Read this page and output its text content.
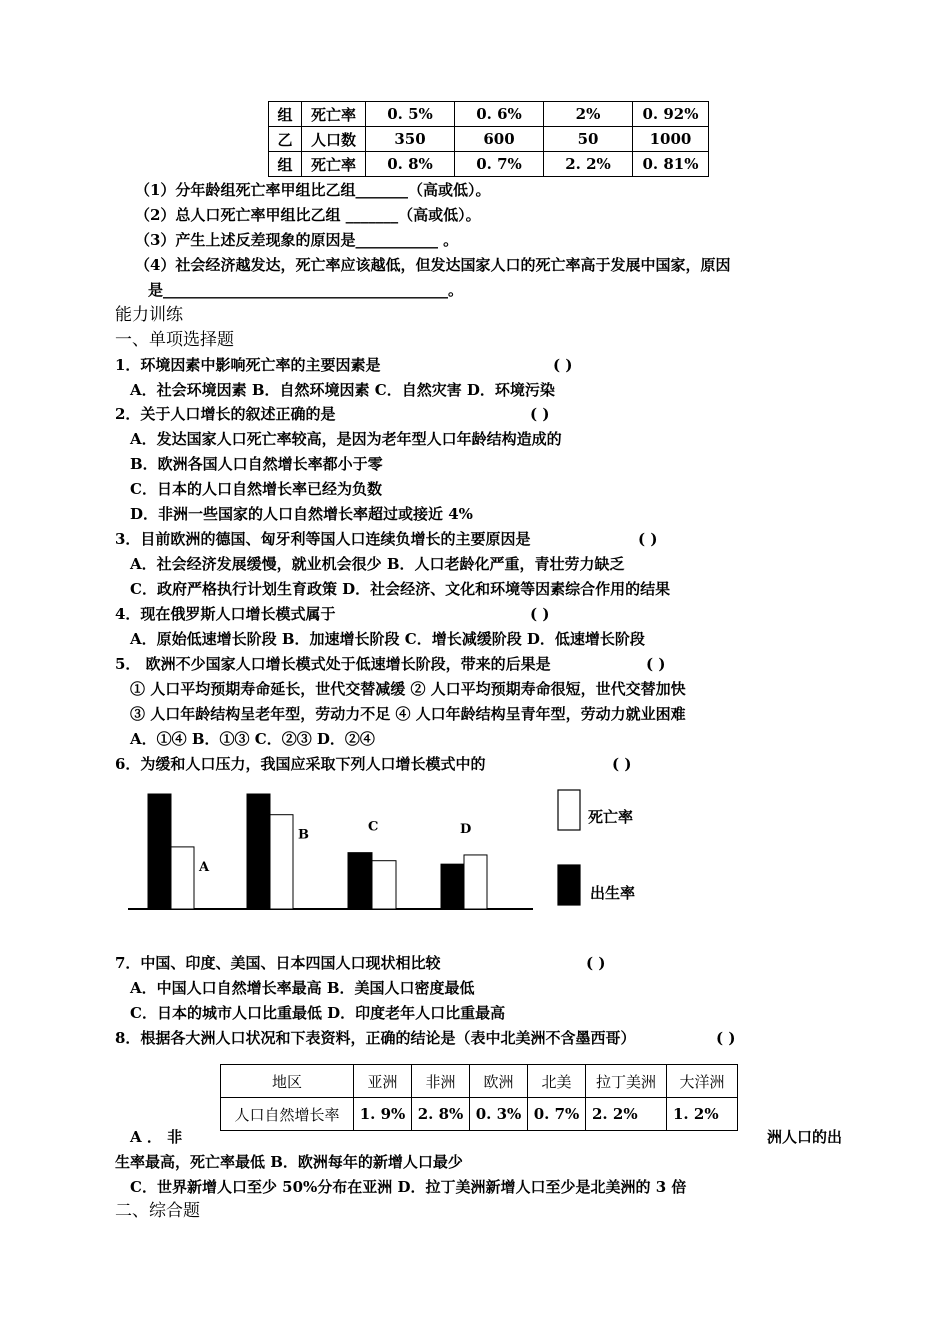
组	死亡率	0. 5%	0. 6%	2%	0. 92%
乙	人口数	350	600	50	1000
组	死亡率	0. 8%	0. 7%	2. 2%	0. 81%
（1）分年龄组死亡率甲组比乙组_______（高或低）。
（2）总人口死亡率甲组比乙组 _______（高或低）。
（3）产生上述反差现象的原因是___________ 。
（4）社会经济越发达，死亡率应该越低，但发达国家人口的死亡率高于发展中国家，原因
是______________________________________。
能力训练
一、单项选择题
1．环境因素中影响死亡率的主要因素是	( )
A．社会环境因素 B．自然环境因素 C．自然灾害 D．环境污染
2．关于人口增长的叙述正确的是	( )
A．发达国家人口死亡率较高，是因为老年型人口年龄结构造成的
B．欧洲各国人口自然增长率都小于零
C．日本的人口自然增长率已经为负数
D．非洲一些国家的人口自然增长率超过或接近 4%
3．目前欧洲的德国、匈牙利等国人口连续负增长的主要原因是	( )
A．社会经济发展缓慢，就业机会很少 B．人口老龄化严重，青壮劳力缺乏
C．政府严格执行计划生育政策 D．社会经济、文化和环境等因素综合作用的结果
4．现在俄罗斯人口增长模式属于	( )
A．原始低速增长阶段 B．加速增长阶段 C．增长减缓阶段 D．低速增长阶段
5． 欧洲不少国家人口增长模式处于低速增长阶段，带来的后果是	( )
① 人口平均预期寿命延长，世代交替减缓 ② 人口平均预期寿命很短，世代交替加快
③ 人口年龄结构呈老年型，劳动力不足 ④ 人口年龄结构呈青年型，劳动力就业困难
A．①④ B．①③ C．②③ D．②④
6．为缓和人口压力，我国应采取下列人口增长模式中的	( )
A
B
C	D
死亡率
出生率
7．中国、印度、美国、日本四国人口现状相比较	( )
A．中国人口自然增长率最高 B．美国人口密度最低
C．日本的城市人口比重最低 D．印度老年人口比重最高
8．根据各大洲人口状况和下表资料，正确的结论是（表中北美洲不含墨西哥）	( )
地区	亚洲	非洲	欧洲	北美	拉丁美洲	大洋洲
人口自然增长率	1. 9%	2. 8%	0. 3%	0. 7%	2. 2%	1. 2%
A ． 非	洲人口的出
生率最高，死亡率最低 B．欧洲每年的新增人口最少
C．世界新增人口至少 50%分布在亚洲 D．拉丁美洲新增人口至少是北美洲的 3 倍
二、综合题
